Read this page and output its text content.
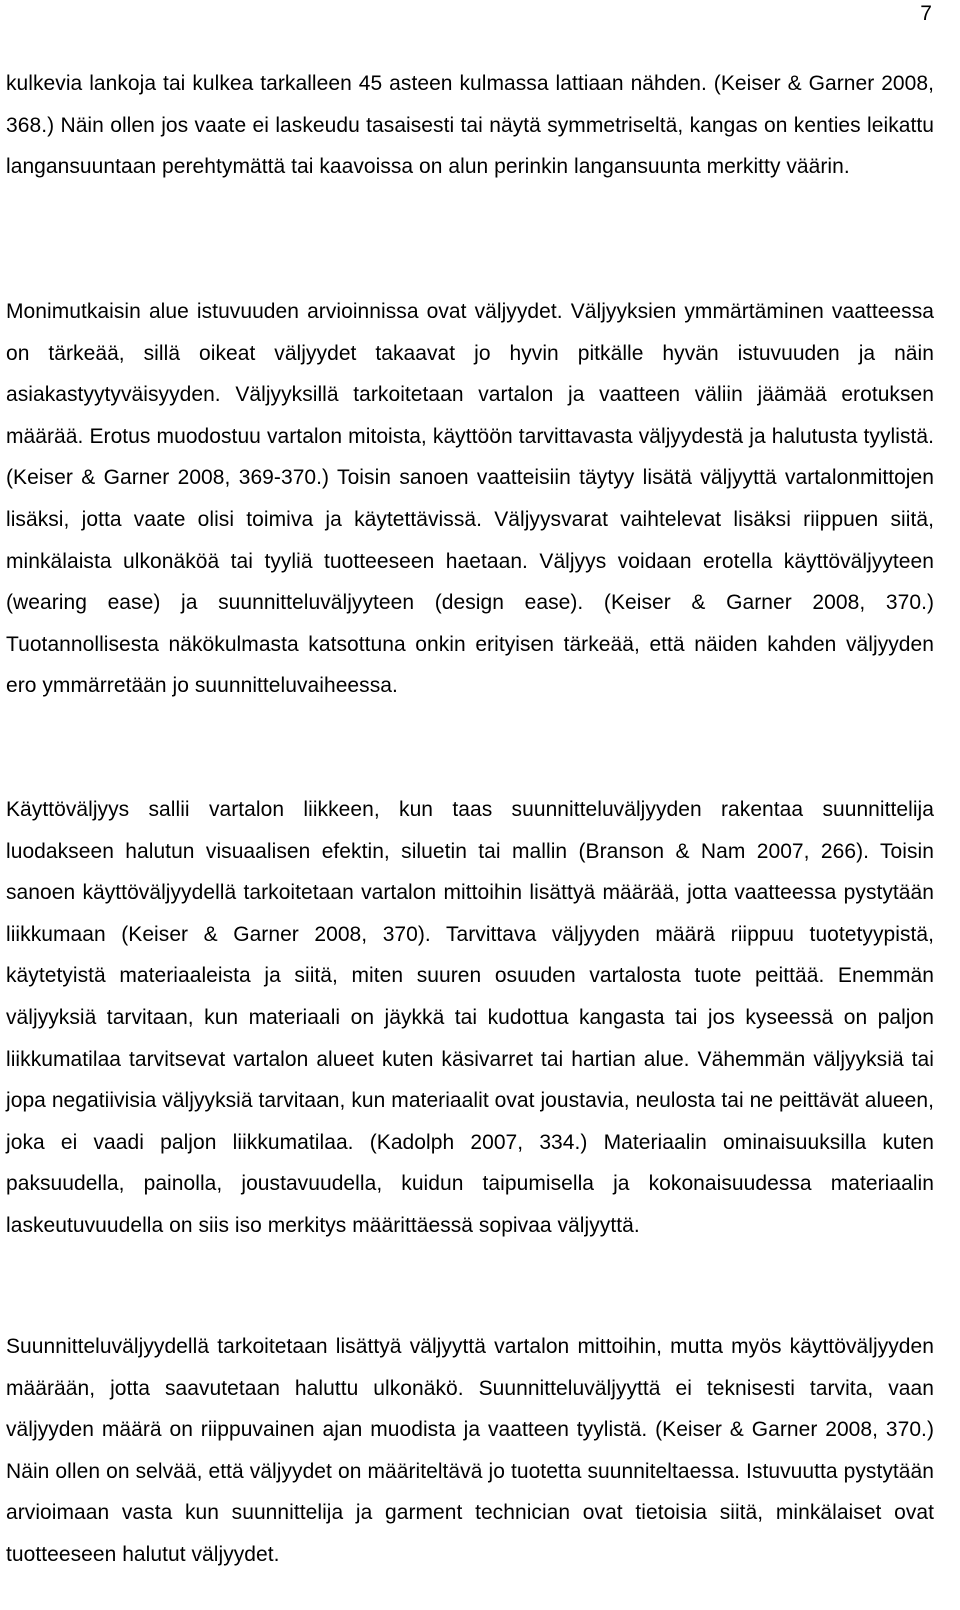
7

kulkevia lankoja tai kulkea tarkalleen 45 asteen kulmassa lattiaan nähden. (Keiser & Garner 2008, 368.) Näin ollen jos vaate ei laskeudu tasaisesti tai näytä symmetriseltä, kangas on kenties leikattu langansuuntaan perehtymättä tai kaavoissa on alun perinkin langansuunta merkitty väärin.

Monimutkaisin alue istuvuuden arvioinnissa ovat väljyydet. Väljyyksien ymmärtäminen vaatteessa on tärkeää, sillä oikeat väljyydet takaavat jo hyvin pitkälle hyvän istuvuuden ja näin asiakastyytyväisyyden. Väljyyksillä tarkoitetaan vartalon ja vaatteen väliin jäämää erotuksen määrää. Erotus muodostuu vartalon mitoista, käyttöön tarvittavasta väljyydestä ja halutusta tyylistä. (Keiser & Garner 2008, 369-370.) Toisin sanoen vaatteisiin täytyy lisätä väljyyttä vartalonmittojen lisäksi, jotta vaate olisi toimiva ja käytettävissä. Väljyysvarat vaihtelevat lisäksi riippuen siitä, minkälaista ulkonäköä tai tyyliä tuotteeseen haetaan. Väljyys voidaan erotella käyttöväljyyteen (wearing ease) ja suunnitteluväljyyteen (design ease). (Keiser & Garner 2008, 370.) Tuotannollisesta näkökulmasta katsottuna onkin erityisen tärkeää, että näiden kahden väljyyden ero ymmärretään jo suunnitteluvaiheessa.

Käyttöväljyys sallii vartalon liikkeen, kun taas suunnitteluväljyyden rakentaa suunnittelija luodakseen halutun visuaalisen efektin, siluetin tai mallin (Branson & Nam 2007, 266). Toisin sanoen käyttöväljyydellä tarkoitetaan vartalon mittoihin lisättyä määrää, jotta vaatteessa pystytään liikkumaan (Keiser & Garner 2008, 370). Tarvittava väljyyden määrä riippuu tuotetyypistä, käytetyistä materiaaleista ja siitä, miten suuren osuuden vartalosta tuote peittää. Enemmän väljyyksiä tarvitaan, kun materiaali on jäykkä tai kudottua kangasta tai jos kyseessä on paljon liikkumatilaa tarvitsevat vartalon alueet kuten käsivarret tai hartian alue. Vähemmän väljyyksiä tai jopa negatiivisia väljyyksiä tarvitaan, kun materiaalit ovat joustavia, neulosta tai ne peittävät alueen, joka ei vaadi paljon liikkumatilaa. (Kadolph 2007, 334.) Materiaalin ominaisuuksilla kuten paksuudella, painolla, joustavuudella, kuidun taipumisella ja kokonaisuudessa materiaalin laskeutuvuudella on siis iso merkitys määrittäessä sopivaa väljyyttä.

Suunnitteluväljyydellä tarkoitetaan lisättyä väljyyttä vartalon mittoihin, mutta myös käyttöväljyyden määrään, jotta saavutetaan haluttu ulkonäkö. Suunnitteluväljyyttä ei teknisesti tarvita, vaan väljyyden määrä on riippuvainen ajan muodista ja vaatteen tyylistä. (Keiser & Garner 2008, 370.) Näin ollen on selvää, että väljyydet on määriteltävä jo tuotetta suunniteltaessa. Istuvuutta pystytään arvioimaan vasta kun suunnittelija ja garment technician ovat tietoisia siitä, minkälaiset ovat tuotteeseen halutut väljyydet.
